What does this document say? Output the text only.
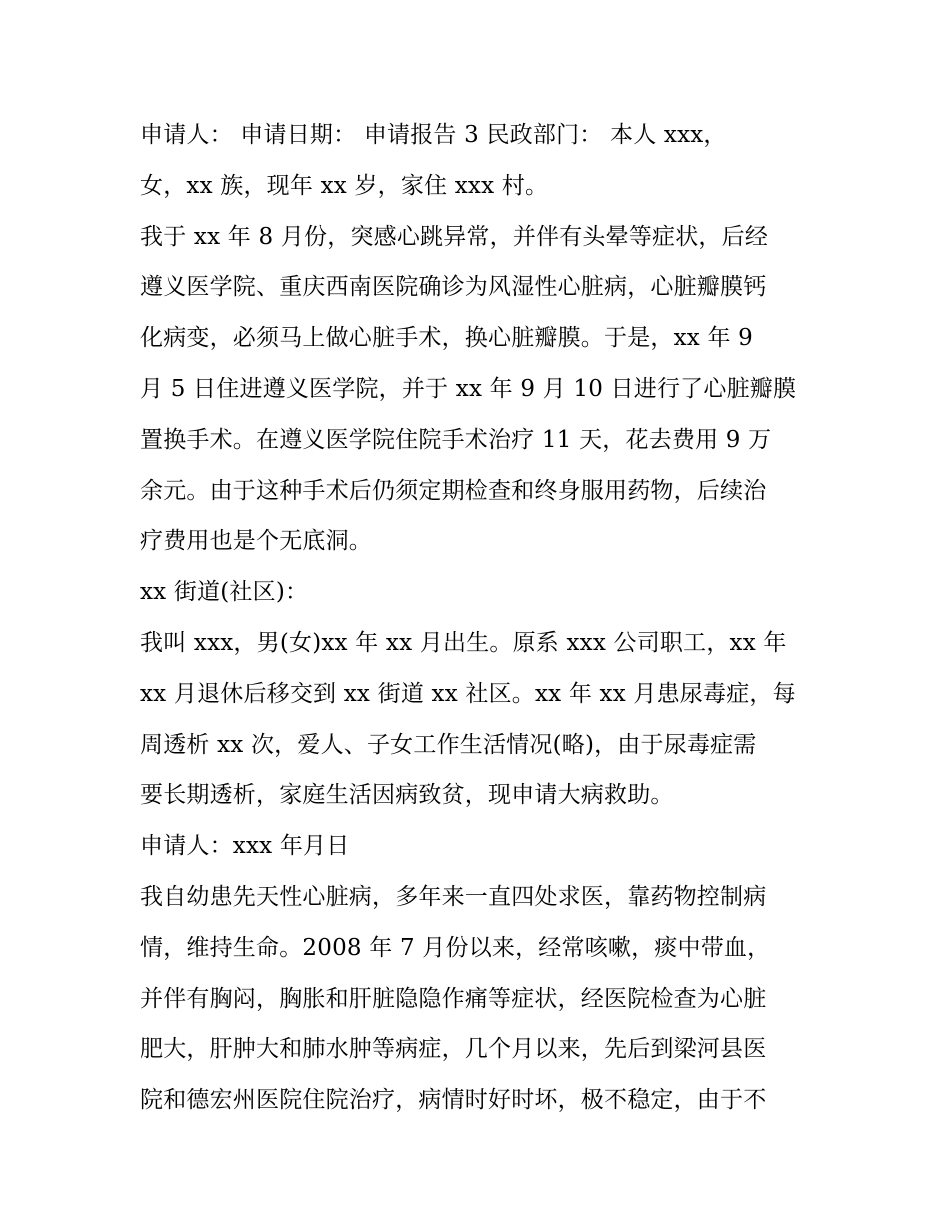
申请人： 申请日期： 申请报告 3 民政部门： 本人 xxx，
女，xx 族，现年 xx 岁，家住 xxx 村。
我于 xx 年 8 月份，突感心跳异常，并伴有头晕等症状，后经
遵义医学院、重庆西南医院确诊为风湿性心脏病，心脏瓣膜钙
化病变，必须马上做心脏手术，换心脏瓣膜。于是，xx 年 9
月 5 日住进遵义医学院，并于 xx 年 9 月 10 日进行了心脏瓣膜
置换手术。在遵义医学院住院手术治疗 11 天，花去费用 9 万
余元。由于这种手术后仍须定期检查和终身服用药物，后续治
疗费用也是个无底洞。
xx 街道(社区)：
我叫 xxx，男(女)xx 年 xx 月出生。原系 xxx 公司职工，xx 年
xx 月退休后移交到 xx 街道 xx 社区。xx 年 xx 月患尿毒症，每
周透析 xx 次，爱人、子女工作生活情况(略)，由于尿毒症需
要长期透析，家庭生活因病致贫，现申请大病救助。
申请人：xxx 年月日
我自幼患先天性心脏病，多年来一直四处求医，靠药物控制病
情，维持生命。2008 年 7 月份以来，经常咳嗽，痰中带血，
并伴有胸闷，胸胀和肝脏隐隐作痛等症状，经医院检查为心脏
肥大，肝肿大和肺水肿等病症，几个月以来，先后到梁河县医
院和德宏州医院住院治疗，病情时好时坏，极不稳定，由于不
